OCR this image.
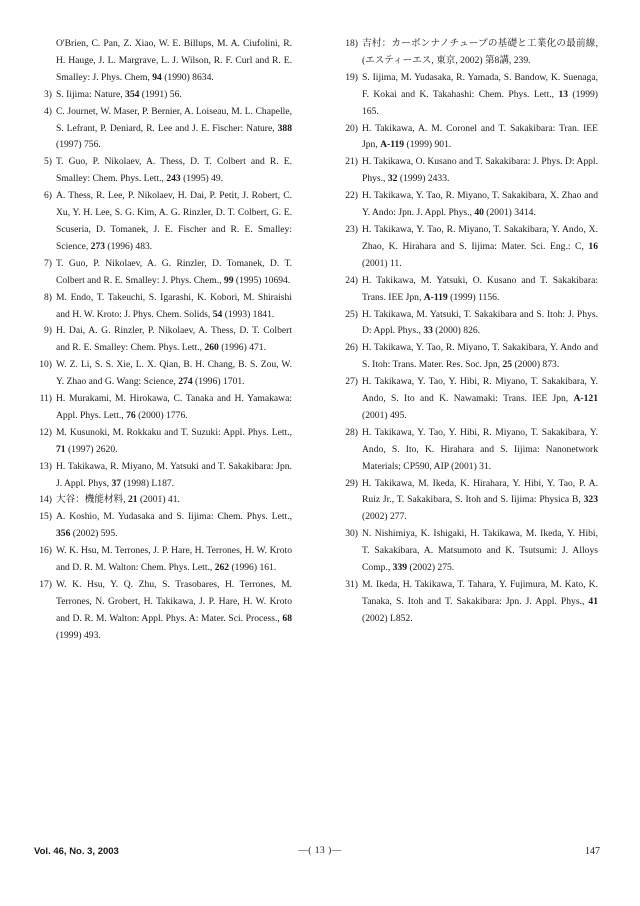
O'Brien, C. Pan, Z. Xiao, W. E. Billups, M. A. Ciufolini, R. H. Hauge, J. L. Margrave, L. J. Wilson, R. F. Curl and R. E. Smalley: J. Phys. Chem, 94 (1990) 8634.
3) S. Iijima: Nature, 354 (1991) 56.
4) C. Journet, W. Maser, P. Bernier, A. Loiseau, M. L. Chapelle, S. Lefrant, P. Deniard, R. Lee and J. E. Fischer: Nature, 388 (1997) 756.
5) T. Guo, P. Nikolaev, A. Thess, D. T. Colbert and R. E. Smalley: Chem. Phys. Lett., 243 (1995) 49.
6) A. Thess, R. Lee, P. Nikolaev, H. Dai, P. Petit, J. Robert, C. Xu, Y. H. Lee, S. G. Kim, A. G. Rinzler, D. T. Colbert, G. E. Scuseria, D. Tomanek, J. E. Fischer and R. E. Smalley: Science, 273 (1996) 483.
7) T. Guo, P. Nikolaev, A. G. Rinzler, D. Tomanek, D. T. Colbert and R. E. Smalley: J. Phys. Chem., 99 (1995) 10694.
8) M. Endo, T. Takeuchi, S. Igarashi, K. Kobori, M. Shiraishi and H. W. Kroto: J. Phys. Chem. Solids, 54 (1993) 1841.
9) H. Dai, A. G. Rinzler, P. Nikolaev, A. Thess, D. T. Colbert and R. E. Smalley: Chem. Phys. Lett., 260 (1996) 471.
10) W. Z. Li, S. S. Xie, L. X. Qian, B. H. Chang, B. S. Zou, W. Y. Zhao and G. Wang: Science, 274 (1996) 1701.
11) H. Murakami, M. Hirokawa, C. Tanaka and H. Yamakawa: Appl. Phys. Lett., 76 (2000) 1776.
12) M. Kusunoki, M. Rokkaku and T. Suzuki: Appl. Phys. Lett., 71 (1997) 2620.
13) H. Takikawa, R. Miyano, M. Yatsuki and T. Sakakibara: Jpn. J. Appl. Phys, 37 (1998) L187.
14) 大谷：機能材料, 21 (2001) 41.
15) A. Koshio, M. Yudasaka and S. Iijima: Chem. Phys. Lett., 356 (2002) 595.
16) W. K. Hsu, M. Terrones, J. P. Hare, H. Terrones, H. W. Kroto and D. R. M. Walton: Chem. Phys. Lett., 262 (1996) 161.
17) W. K. Hsu, Y. Q. Zhu, S. Trasobares, H. Terrones, M. Terrones, N. Grobert, H. Takikawa, J. P. Hare, H. W. Kroto and D. R. M. Walton: Appl. Phys. A: Mater. Sci. Process., 68 (1999) 493.
18) 吉村：カーボンナノチューブの基礎と工業化の最前線, (エスティーエス, 東京, 2002) 第8講, 239.
19) S. Iijima, M. Yudasaka, R. Yamada, S. Bandow, K. Suenaga, F. Kokai and K. Takahashi: Chem. Phys. Lett., 13 (1999) 165.
20) H. Takikawa, A. M. Coronel and T. Sakakibara: Tran. IEE Jpn, A-119 (1999) 901.
21) H. Takikawa, O. Kusano and T. Sakakibara: J. Phys. D: Appl. Phys., 32 (1999) 2433.
22) H. Takikawa, Y. Tao, R. Miyano, T. Sakakibara, X. Zhao and Y. Ando: Jpn. J. Appl. Phys., 40 (2001) 3414.
23) H. Takikawa, Y. Tao, R. Miyano, T. Sakakibara, Y. Ando, X. Zhao, K. Hirahara and S. Iijima: Mater. Sci. Eng.: C, 16 (2001) 11.
24) H. Takikawa, M. Yatsuki, O. Kusano and T. Sakakibara: Trans. IEE Jpn, A-119 (1999) 1156.
25) H. Takikawa, M. Yatsuki, T. Sakakibara and S. Itoh: J. Phys. D: Appl. Phys., 33 (2000) 826.
26) H. Takikawa, Y. Tao, R. Miyano, T. Sakakibara, Y. Ando and S. Itoh: Trans. Mater. Res. Soc. Jpn, 25 (2000) 873.
27) H. Takikawa, Y. Tao, Y. Hibi, R. Miyano, T. Sakakibara, Y. Ando, S. Ito and K. Nawamaki: Trans. IEE Jpn, A-121 (2001) 495.
28) H. Takikawa, Y. Tao, Y. Hibi, R. Miyano, T. Sakakibara, Y. Ando, S. Ito, K. Hirahara and S. Iijima: Nanonetwork Materials; CP590, AIP (2001) 31.
29) H. Takikawa, M. Ikeda, K. Hirahara, Y. Hibi, Y. Tao, P. A. Ruiz Jr., T. Sakakibara, S. Itoh and S. Iijima: Physica B, 323 (2002) 277.
30) N. Nishimiya, K. Ishigaki, H. Takikawa, M. Ikeda, Y. Hibi, T. Sakakibara, A. Matsumoto and K. Tsutsumi: J. Alloys Comp., 339 (2002) 275.
31) M. Ikeda, H. Takikawa, T. Tahara, Y. Fujimura, M. Kato, K. Tanaka, S. Itoh and T. Sakakibara: Jpn. J. Appl. Phys., 41 (2002) L852.
Vol. 46, No. 3, 2003	—( 13 )—	147
